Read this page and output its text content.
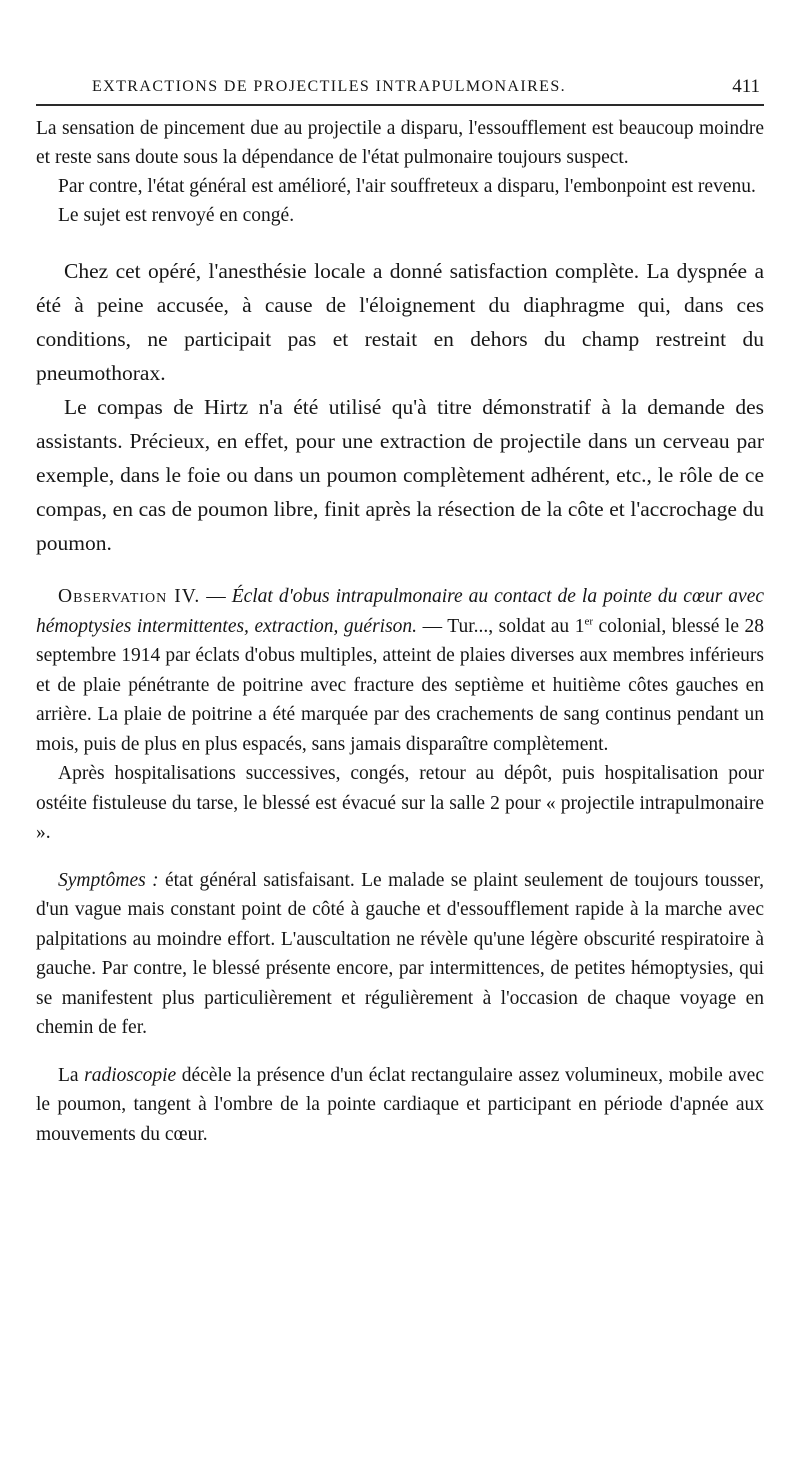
EXTRACTIONS DE PROJECTILES INTRAPULMONAIRES.	411

La sensation de pincement due au projectile a disparu, l'essoufflement est beaucoup moindre et reste sans doute sous la dépendance de l'état pulmonaire toujours suspect.

Par contre, l'état général est amélioré, l'air souffreteux a disparu, l'embonpoint est revenu.

Le sujet est renvoyé en congé.

Chez cet opéré, l'anesthésie locale a donné satisfaction complète. La dyspnée a été à peine accusée, à cause de l'éloignement du diaphragme qui, dans ces conditions, ne participait pas et restait en dehors du champ restreint du pneumothorax.

Le compas de Hirtz n'a été utilisé qu'à titre démonstratif à la demande des assistants. Précieux, en effet, pour une extraction de projectile dans un cerveau par exemple, dans le foie ou dans un poumon complètement adhérent, etc., le rôle de ce compas, en cas de poumon libre, finit après la résection de la côte et l'accrochage du poumon.

Observation IV. — Éclat d'obus intrapulmonaire au contact de la pointe du cœur avec hémoptysies intermittentes, extraction, guérison. — Tur..., soldat au 1er colonial, blessé le 28 septembre 1914 par éclats d'obus multiples, atteint de plaies diverses aux membres inférieurs et de plaie pénétrante de poitrine avec fracture des septième et huitième côtes gauches en arrière. La plaie de poitrine a été marquée par des crachements de sang continus pendant un mois, puis de plus en plus espacés, sans jamais disparaître complètement.

Après hospitalisations successives, congés, retour au dépôt, puis hospitalisation pour ostéite fistuleuse du tarse, le blessé est évacué sur la salle 2 pour « projectile intrapulmonaire ».

Symptômes : état général satisfaisant. Le malade se plaint seulement de toujours tousser, d'un vague mais constant point de côté à gauche et d'essoufflement rapide à la marche avec palpitations au moindre effort. L'auscultation ne révèle qu'une légère obscurité respiratoire à gauche. Par contre, le blessé présente encore, par intermittences, de petites hémoptysies, qui se manifestent plus particulièrement et régulièrement à l'occasion de chaque voyage en chemin de fer.

La radioscopie décèle la présence d'un éclat rectangulaire assez volumineux, mobile avec le poumon, tangent à l'ombre de la pointe cardiaque et participant en période d'apnée aux mouvements du cœur.
